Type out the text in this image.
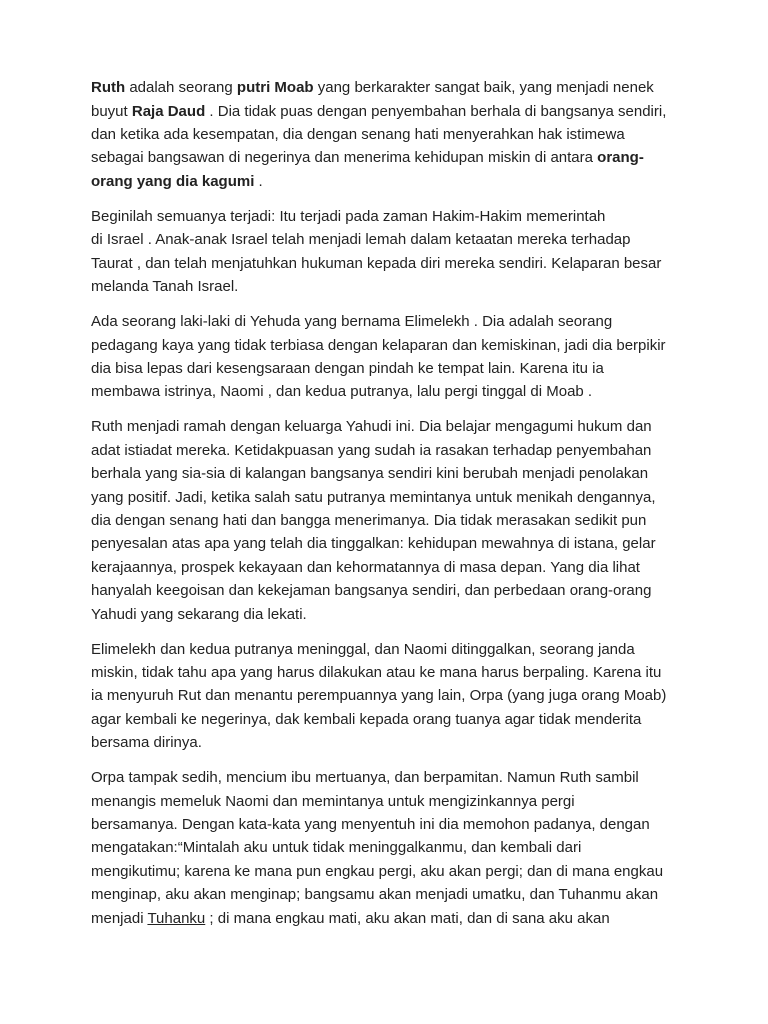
Ruth adalah seorang putri Moab yang berkarakter sangat baik, yang menjadi nenek
buyut Raja Daud . Dia tidak puas dengan penyembahan berhala di bangsanya sendiri,
dan ketika ada kesempatan, dia dengan senang hati menyerahkan hak istimewa
sebagai bangsawan di negerinya dan menerima kehidupan miskin di antara orang-
orang yang dia kagumi .
Beginilah semuanya terjadi: Itu terjadi pada zaman Hakim-Hakim memerintah
di Israel . Anak-anak Israel telah menjadi lemah dalam ketaatan mereka terhadap
Taurat , dan telah menjatuhkan hukuman kepada diri mereka sendiri. Kelaparan besar
melanda Tanah Israel.
Ada seorang laki-laki di Yehuda yang bernama Elimelekh . Dia adalah seorang
pedagang kaya yang tidak terbiasa dengan kelaparan dan kemiskinan, jadi dia berpikir
dia bisa lepas dari kesengsaraan dengan pindah ke tempat lain. Karena itu ia
membawa istrinya, Naomi , dan kedua putranya, lalu pergi tinggal di Moab .
Ruth menjadi ramah dengan keluarga Yahudi ini. Dia belajar mengagumi hukum dan
adat istiadat mereka. Ketidakpuasan yang sudah ia rasakan terhadap penyembahan
berhala yang sia-sia di kalangan bangsanya sendiri kini berubah menjadi penolakan
yang positif. Jadi, ketika salah satu putranya memintanya untuk menikah dengannya,
dia dengan senang hati dan bangga menerimanya. Dia tidak merasakan sedikit pun
penyesalan atas apa yang telah dia tinggalkan: kehidupan mewahnya di istana, gelar
kerajaannya, prospek kekayaan dan kehormatannya di masa depan. Yang dia lihat
hanyalah keegoisan dan kekejaman bangsanya sendiri, dan perbedaan orang-orang
Yahudi yang sekarang dia lekati.
Elimelekh dan kedua putranya meninggal, dan Naomi ditinggalkan, seorang janda
miskin, tidak tahu apa yang harus dilakukan atau ke mana harus berpaling. Karena itu
ia menyuruh Rut dan menantu perempuannya yang lain, Orpa (yang juga orang Moab)
agar kembali ke negerinya, dak kembali kepada orang tuanya agar tidak menderita
bersama dirinya.
Orpa tampak sedih, mencium ibu mertuanya, dan berpamitan. Namun Ruth sambil
menangis memeluk Naomi dan memintanya untuk mengizinkannya pergi
bersamanya. Dengan kata-kata yang menyentuh ini dia memohon padanya, dengan
mengatakan:“Mintalah aku untuk tidak meninggalkanmu, dan kembali dari
mengikutimu; karena ke mana pun engkau pergi, aku akan pergi; dan di mana engkau
menginap, aku akan menginap; bangsamu akan menjadi umatku, dan Tuhanmu akan
menjadi Tuhanku ; di mana engkau mati, aku akan mati, dan di sana aku akan
